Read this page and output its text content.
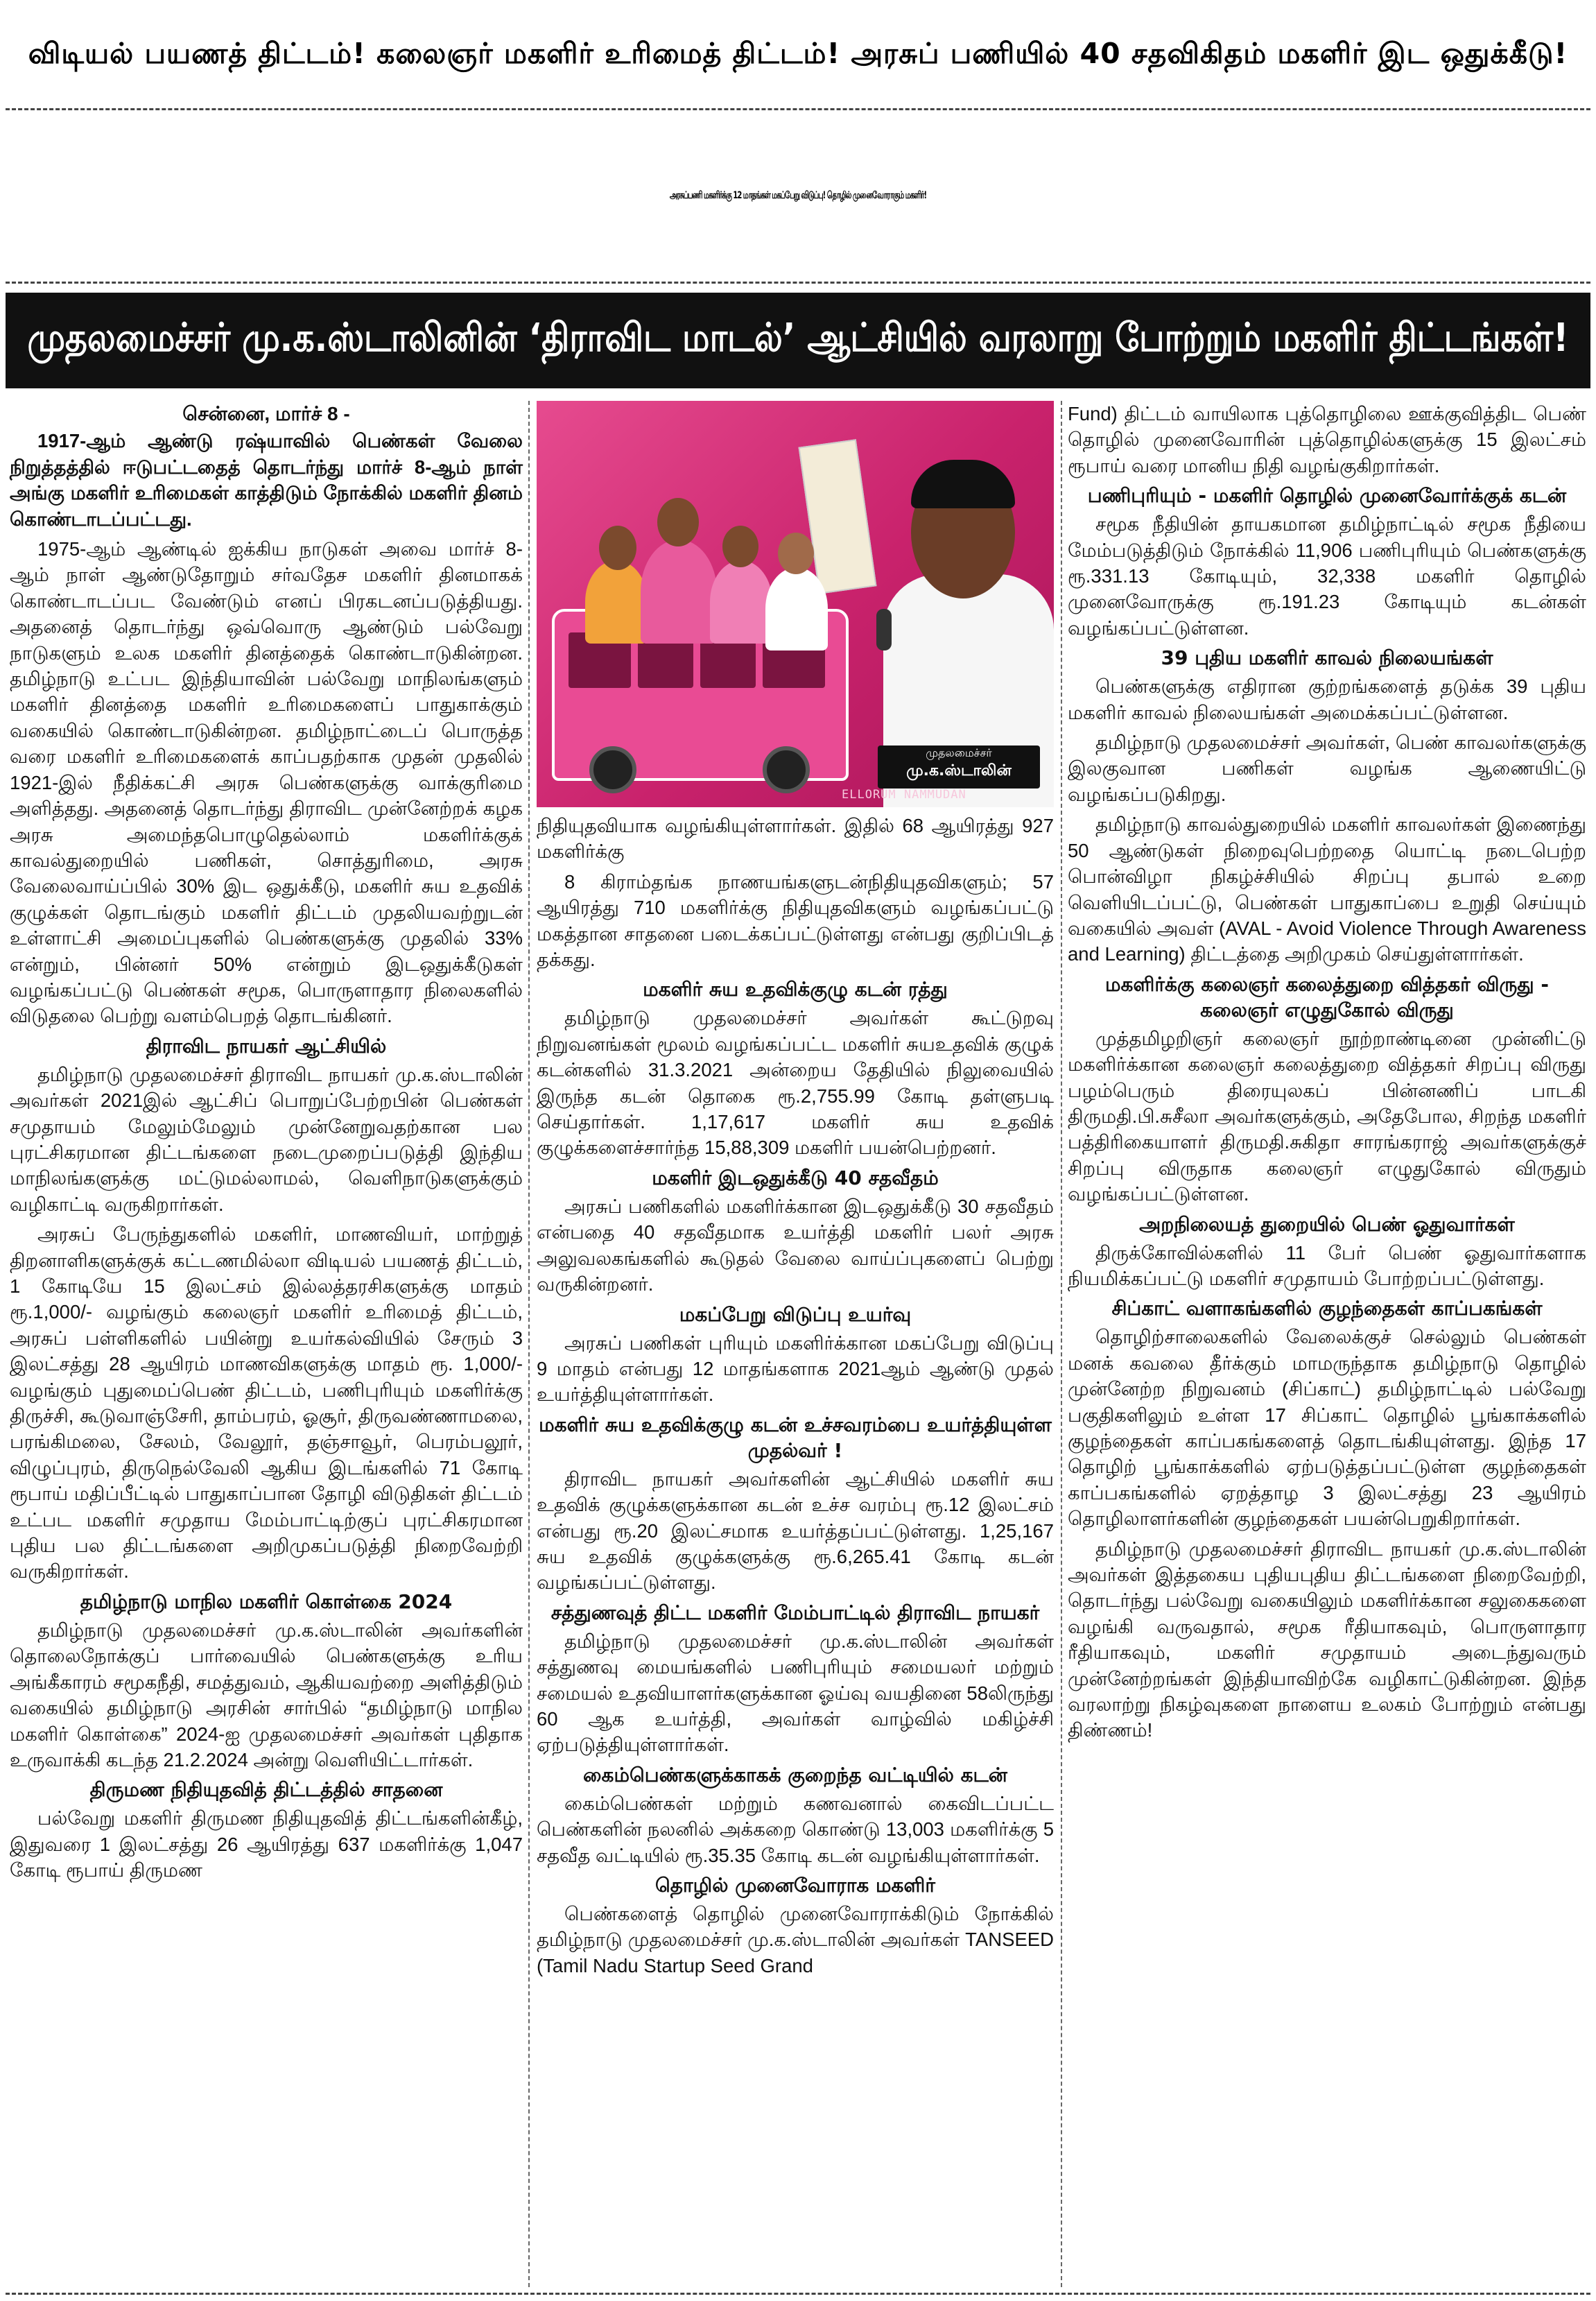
விடியல் பயணத் திட்டம்! கலைஞர் மகளிர் உரிமைத் திட்டம்! அரசுப் பணியில் 40 சதவிகிதம் மகளிர் இட ஒதுக்கீடு!
அரசுப்பணி மகளிர்க்கு 12 மாதங்கள் மகப்பேறு விடுப்பு! தொழில் முனைவோராகும் மகளிர்!
முதலமைச்சர் மு.க.ஸ்டாலினின் ‘திராவிட மாடல்’ ஆட்சியில் வரலாறு போற்றும் மகளிர் திட்டங்கள்!
முதலமைச்சர்
மு.க.ஸ்டாலின்
ELLORUM NAMMUDAN
சென்னை, மார்ச் 8 -

1917-ஆம் ஆண்டு ரஷ்யாவில் பெண்கள் வேலை நிறுத்தத்தில் ஈடுபட்டதைத் தொடர்ந்து மார்ச் 8-ஆம் நாள் அங்கு மகளிர் உரிமைகள் காத்திடும் நோக்கில் மகளிர் தினம் கொண்டாடப்பட்டது.

1975-ஆம் ஆண்டில் ஐக்கிய நாடுகள் அவை மார்ச் 8-ஆம் நாள் ஆண்டுதோறும் சர்வதேச மகளிர் தினமாகக் கொண்டாடப்பட வேண்டும் எனப் பிரகடனப்படுத்தியது. அதனைத் தொடர்ந்து ஒவ்வொரு ஆண்டும் பல்வேறு நாடுகளும் உலக மகளிர் தினத்தைக் கொண்டாடுகின்றன. தமிழ்நாடு உட்பட இந்தியாவின் பல்வேறு மாநிலங்களும் மகளிர் தினத்தை மகளிர் உரிமைகளைப் பாதுகாக்கும் வகையில் கொண்டாடுகின்றன. தமிழ்நாட்டைப் பொருத்த வரை மகளிர் உரிமைகளைக் காப்பதற்காக முதன் முதலில் 1921-இல் நீதிக்கட்சி அரசு பெண்களுக்கு வாக்குரிமை அளித்தது. அதனைத் தொடர்ந்து திராவிட முன்னேற்றக் கழக அரசு அமைந்தபொழுதெல்லாம் மகளிர்க்குக் காவல்துறையில் பணிகள், சொத்துரிமை, அரசு வேலைவாய்ப்பில் 30% இட ஒதுக்கீடு, மகளிர் சுய உதவிக் குழுக்கள் தொடங்கும் மகளிர் திட்டம் முதலியவற்றுடன் உள்ளாட்சி அமைப்புகளில் பெண்களுக்கு முதலில் 33% என்றும், பின்னர் 50% என்றும் இடஒதுக்கீடுகள் வழங்கப்பட்டு பெண்கள் சமூக, பொருளாதார நிலைகளில் விடுதலை பெற்று வளம்பெறத் தொடங்கினர்.

திராவிட நாயகர் ஆட்சியில்

தமிழ்நாடு முதலமைச்சர் திராவிட நாயகர் மு.க.ஸ்டாலின் அவர்கள் 2021இல் ஆட்சிப் பொறுப்பேற்றபின் பெண்கள் சமுதாயம் மேலும்மேலும் முன்னேறுவதற்கான பல புரட்சிகரமான திட்டங்களை நடைமுறைப்படுத்தி இந்திய மாநிலங்களுக்கு மட்டுமல்லாமல், வெளிநாடுகளுக்கும் வழிகாட்டி வருகிறார்கள்.

அரசுப் பேருந்துகளில் மகளிர், மாணவியர், மாற்றுத் திறனாளிகளுக்குக் கட்டணமில்லா விடியல் பயணத் திட்டம், 1 கோடியே 15 இலட்சம் இல்லத்தரசிகளுக்கு மாதம் ரூ.1,000/- வழங்கும் கலைஞர் மகளிர் உரிமைத் திட்டம், அரசுப் பள்ளிகளில் பயின்று உயர்கல்வியில் சேரும் 3 இலட்சத்து 28 ஆயிரம் மாணவிகளுக்கு மாதம் ரூ. 1,000/- வழங்கும் புதுமைப்பெண் திட்டம், பணிபுரியும் மகளிர்க்கு திருச்சி, கூடுவாஞ்சேரி, தாம்பரம், ஓசூர், திருவண்ணாமலை, பரங்கிமலை, சேலம், வேலூர், தஞ்சாவூர், பெரம்பலூர், விழுப்புரம், திருநெல்வேலி ஆகிய இடங்களில் 71 கோடி ரூபாய் மதிப்பீட்டில் பாதுகாப்பான தோழி விடுதிகள் திட்டம் உட்பட மகளிர் சமுதாய மேம்பாட்டிற்குப் புரட்சிகரமான புதிய பல திட்டங்களை அறிமுகப்படுத்தி நிறைவேற்றி வருகிறார்கள்.

தமிழ்நாடு மாநில மகளிர் கொள்கை 2024

தமிழ்நாடு முதலமைச்சர் மு.க.ஸ்டாலின் அவர்களின் தொலைநோக்குப் பார்வையில் பெண்களுக்கு உரிய அங்கீகாரம் சமூகநீதி, சமத்துவம், ஆகியவற்றை அளித்திடும் வகையில் தமிழ்நாடு அரசின் சார்பில் “தமிழ்நாடு மாநில மகளிர் கொள்கை” 2024-ஐ முதலமைச்சர் அவர்கள் புதிதாக உருவாக்கி கடந்த 21.2.2024 அன்று வெளியிட்டார்கள்.

திருமண நிதியுதவித் திட்டத்தில் சாதனை

பல்வேறு மகளிர் திருமண நிதியுதவித் திட்டங்களின்கீழ், இதுவரை 1 இலட்சத்து 26 ஆயிரத்து 637 மகளிர்க்கு 1,047 கோடி ரூபாய் திருமண

நிதியுதவியாக வழங்கியுள்ளார்கள். இதில் 68 ஆயிரத்து 927 மகளிர்க்கு

8 கிராம்தங்க நாணயங்களுடன்நிதியுதவிகளும்; 57 ஆயிரத்து 710 மகளிர்க்கு நிதியுதவிகளும் வழங்கப்பட்டு மகத்தான சாதனை படைக்கப்பட்டுள்ளது என்பது குறிப்பிடத் தக்கது.

மகளிர் சுய உதவிக்குழு கடன் ரத்து

தமிழ்நாடு முதலமைச்சர் அவர்கள் கூட்டுறவு நிறுவனங்கள் மூலம் வழங்கப்பட்ட மகளிர் சுயஉதவிக் குழுக் கடன்களில் 31.3.2021 அன்றைய தேதியில் நிலுவையில் இருந்த கடன் தொகை ரூ.2,755.99 கோடி தள்ளுபடி செய்தார்கள். 1,17,617 மகளிர் சுய உதவிக் குழுக்களைச்சார்ந்த 15,88,309 மகளிர் பயன்பெற்றனர்.

மகளிர் இடஒதுக்கீடு 40 சதவீதம்

அரசுப் பணிகளில் மகளிர்க்கான இடஒதுக்கீடு 30 சதவீதம் என்பதை 40 சதவீதமாக உயர்த்தி மகளிர் பலர் அரசு அலுவலகங்களில் கூடுதல் வேலை வாய்ப்புகளைப் பெற்று வருகின்றனர்.

மகப்பேறு விடுப்பு உயர்வு

அரசுப் பணிகள் புரியும் மகளிர்க்கான மகப்பேறு விடுப்பு 9 மாதம் என்பது 12 மாதங்களாக 2021ஆம் ஆண்டு முதல் உயர்த்தியுள்ளார்கள்.

மகளிர் சுய உதவிக்குழு கடன் உச்சவரம்பை உயர்த்தியுள்ள முதல்வர் !

திராவிட நாயகர் அவர்களின் ஆட்சியில் மகளிர் சுய உதவிக் குழுக்களுக்கான கடன் உச்ச வரம்பு ரூ.12 இலட்சம் என்பது ரூ.20 இலட்சமாக உயர்த்தப்பட்டுள்ளது. 1,25,167 சுய உதவிக் குழுக்களுக்கு ரூ.6,265.41 கோடி கடன் வழங்கப்பட்டுள்ளது.

சத்துணவுத் திட்ட மகளிர் மேம்பாட்டில் திராவிட நாயகர்

தமிழ்நாடு முதலமைச்சர் மு.க.ஸ்டாலின் அவர்கள் சத்துணவு மையங்களில் பணிபுரியும் சமையலர் மற்றும் சமையல் உதவியாளர்களுக்கான ஓய்வு வயதினை 58லிருந்து 60 ஆக உயர்த்தி, அவர்கள் வாழ்வில் மகிழ்ச்சி ஏற்படுத்தியுள்ளார்கள்.

கைம்பெண்களுக்காகக் குறைந்த வட்டியில் கடன்

கைம்பெண்கள் மற்றும் கணவனால் கைவிடப்பட்ட பெண்களின் நலனில் அக்கறை கொண்டு 13,003 மகளிர்க்கு 5 சதவீத வட்டியில் ரூ.35.35 கோடி கடன் வழங்கியுள்ளார்கள்.

தொழில் முனைவோராக மகளிர்

பெண்களைத் தொழில் முனைவோராக்கிடும் நோக்கில் தமிழ்நாடு முதலமைச்சர் மு.க.ஸ்டாலின் அவர்கள் TANSEED (Tamil Nadu Startup Seed Grand

Fund) திட்டம் வாயிலாக புத்தொழிலை ஊக்குவித்திட பெண் தொழில் முனைவோரின் புத்தொழில்களுக்கு 15 இலட்சம் ரூபாய் வரை மானிய நிதி வழங்குகிறார்கள்.

பணிபுரியும் - மகளிர் தொழில் முனைவோர்க்குக் கடன்

சமூக நீதியின் தாயகமான தமிழ்நாட்டில் சமூக நீதியை மேம்படுத்திடும் நோக்கில் 11,906 பணிபுரியும் பெண்களுக்கு ரூ.331.13 கோடியும், 32,338 மகளிர் தொழில் முனைவோருக்கு ரூ.191.23 கோடியும் கடன்கள் வழங்கப்பட்டுள்ளன.

39 புதிய மகளிர் காவல் நிலையங்கள்

பெண்களுக்கு எதிரான குற்றங்களைத் தடுக்க 39 புதிய மகளிர் காவல் நிலையங்கள் அமைக்கப்பட்டுள்ளன.

தமிழ்நாடு முதலமைச்சர் அவர்கள், பெண் காவலர்களுக்கு இலகுவான பணிகள் வழங்க ஆணையிட்டு வழங்கப்படுகிறது.

தமிழ்நாடு காவல்துறையில் மகளிர் காவலர்கள் இணைந்து 50 ஆண்டுகள் நிறைவுபெற்றதை யொட்டி நடைபெற்ற பொன்விழா நிகழ்ச்சியில் சிறப்பு தபால் உறை வெளியிடப்பட்டு, பெண்கள் பாதுகாப்பை உறுதி செய்யும் வகையில் அவள் (AVAL - Avoid Violence Through Awareness and Learning) திட்டத்தை அறிமுகம் செய்துள்ளார்கள்.

மகளிர்க்கு கலைஞர் கலைத்துறை வித்தகர் விருது - கலைஞர் எழுதுகோல் விருது

முத்தமிழறிஞர் கலைஞர் நூற்றாண்டினை முன்னிட்டு மகளிர்க்கான கலைஞர் கலைத்துறை வித்தகர் சிறப்பு விருது பழம்பெரும் திரையுலகப் பின்னணிப் பாடகி திருமதி.பி.சுசீலா அவர்களுக்கும், அதேபோல, சிறந்த மகளிர் பத்திரிகையாளர் திருமதி.சுகிதா சாரங்கராஜ் அவர்களுக்குச் சிறப்பு விருதாக கலைஞர் எழுதுகோல் விருதும் வழங்கப்பட்டுள்ளன.

அறநிலையத் துறையில் பெண் ஓதுவார்கள்

திருக்கோவில்களில் 11 பேர் பெண் ஓதுவார்களாக நியமிக்கப்பட்டு மகளிர் சமுதாயம் போற்றப்பட்டுள்ளது.

சிப்காட் வளாகங்களில் குழந்தைகள் காப்பகங்கள்

தொழிற்சாலைகளில் வேலைக்குச் செல்லும் பெண்கள் மனக் கவலை தீர்க்கும் மாமருந்தாக தமிழ்நாடு தொழில் முன்னேற்ற நிறுவனம் (சிப்காட்) தமிழ்நாட்டில் பல்வேறு பகுதிகளிலும் உள்ள 17 சிப்காட் தொழில் பூங்காக்களில் குழந்தைகள் காப்பகங்களைத் தொடங்கியுள்ளது. இந்த 17 தொழிற் பூங்காக்களில் ஏற்படுத்தப்பட்டுள்ள குழந்தைகள் காப்பகங்களில் ஏறத்தாழ 3 இலட்சத்து 23 ஆயிரம் தொழிலாளர்களின் குழந்தைகள் பயன்பெறுகிறார்கள்.

தமிழ்நாடு முதலமைச்சர் திராவிட நாயகர் மு.க.ஸ்டாலின் அவர்கள் இத்தகைய புதியபுதிய திட்டங்களை நிறைவேற்றி, தொடர்ந்து பல்வேறு வகையிலும் மகளிர்க்கான சலுகைகளை வழங்கி வருவதால், சமூக ரீதியாகவும், பொருளாதார ரீதியாகவும், மகளிர் சமுதாயம் அடைந்துவரும் முன்னேற்றங்கள் இந்தியாவிற்கே வழிகாட்டுகின்றன. இந்த வரலாற்று நிகழ்வுகளை நாளைய உலகம் போற்றும் என்பது திண்ணம்!
